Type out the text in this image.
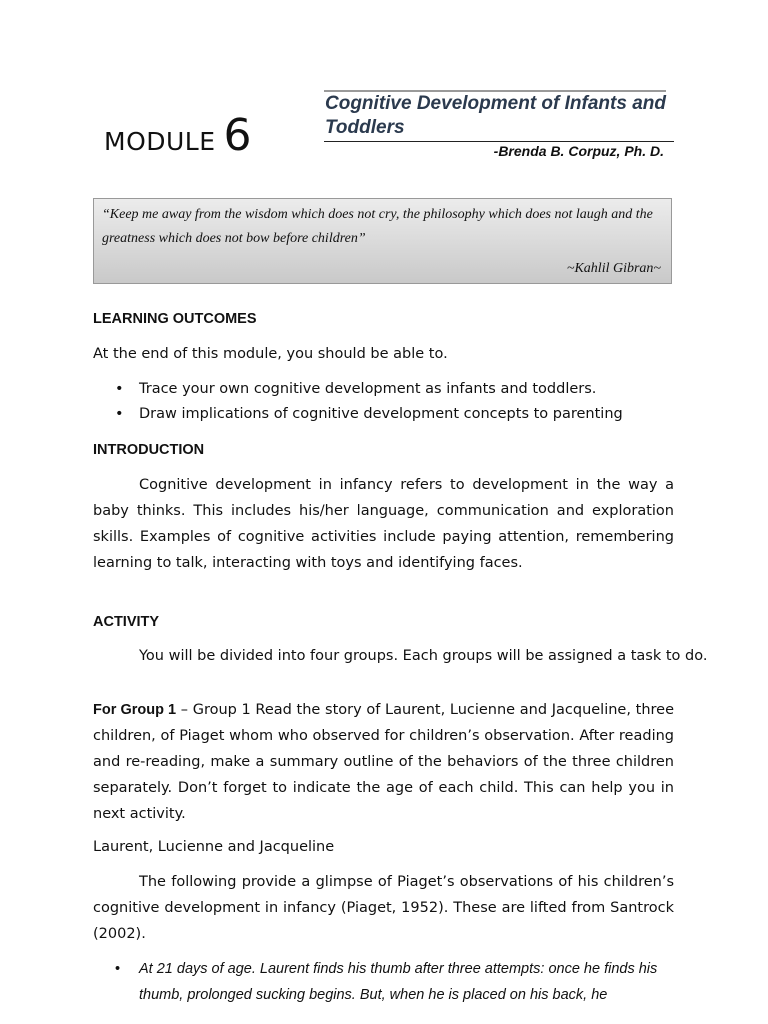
MODULE 6
Cognitive Development of Infants and Toddlers
-Brenda B. Corpuz, Ph. D.
“Keep me away from the wisdom which does not cry, the philosophy which does not laugh and the greatness which does not bow before children”
~Kahlil Gibran~
LEARNING OUTCOMES
At the end of this module, you should be able to.
• Trace your own cognitive development as infants and toddlers.
• Draw implications of cognitive development concepts to parenting
INTRODUCTION
Cognitive development in infancy refers to development in the way a baby thinks. This includes his/her language, communication and exploration skills. Examples of cognitive activities include paying attention, remembering learning to talk, interacting with toys and identifying faces.
ACTIVITY
You will be divided into four groups. Each groups will be assigned a task to do.
For Group 1 – Group 1 Read the story of Laurent, Lucienne and Jacqueline, three children, of Piaget whom who observed for children’s observation. After reading and re-reading, make a summary outline of the behaviors of the three children separately. Don’t forget to indicate the age of each child. This can help you in next activity.
Laurent, Lucienne and Jacqueline
The following provide a glimpse of Piaget’s observations of his children’s cognitive development in infancy (Piaget, 1952). These are lifted from Santrock (2002).
• At 21 days of age. Laurent finds his thumb after three attempts: once he finds his thumb, prolonged sucking begins. But, when he is placed on his back, he
